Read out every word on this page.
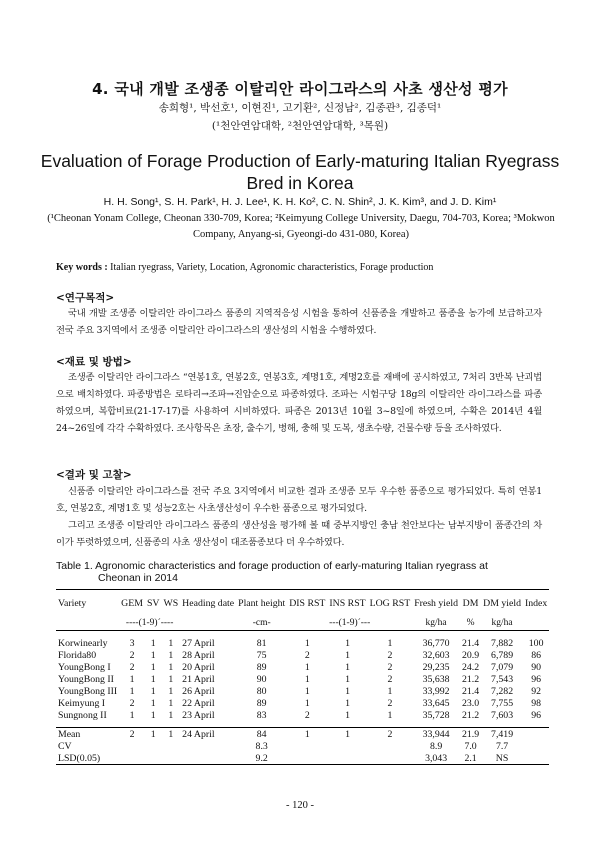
4. 국내 개발 조생종 이탈리안 라이그라스의 사초 생산성 평가
송희형¹, 박선호¹, 이현진¹, 고기환², 신정남², 김종관³, 김종덕¹
(¹천안연암대학, ²천안연암대학, ³목원)
Evaluation of Forage Production of Early-maturing Italian Ryegrass Bred in Korea
H. H. Song¹, S. H. Park¹, H. J. Lee¹, K. H. Ko², C. N. Shin², J. K. Kim³, and J. D. Kim¹
(¹Cheonan Yonam College, Cheonan 330-709, Korea; ²Keimyung College University, Daegu, 704-703, Korea; ³Mokwon Company, Anyang-si, Gyeongi-do 431-080, Korea)
Key words : Italian ryegrass, Variety, Location, Agronomic characteristics, Forage production
<연구목적>
국내 개발 조생종 이탈리안 라이그라스 품종의 지역적응성 시험을 통하여 신품종을 개발하고 품종을 농가에 보급하고자 전국 주요 3지역에서 조생종 이탈리안 라이그라스의 생산성의 시험을 수행하였다.
<재료 및 방법>
조생종 이탈리안 라이그라스 “연봉1호, 연봉2호, 연봉3호, 계명1호, 계명2호를 재배에 공시하였고, 7처리 3반복 난괴법으로 배치하였다. 파종방법은 로타리→조파→진압순으로 파종하였다. 조파는 시험구당 18g의 이탈리안 라이그라스를 파종하였으며, 복합비료(21-17-17)를 사용하여 시비하였다. 파종은 2013년 10월 3~8일에 하였으며, 수확은 2014년 4월 24~26일에 각각 수확하였다. 조사항목은 초장, 출수기, 병해, 충해 및 도복, 생초수량, 건물수량 등을 조사하였다.
<결과 및 고찰>
신품종 이탈리안 라이그라스를 전국 주요 3지역에서 비교한 결과 조생종 모두 우수한 품종으로 평가되었다. 특히 연봉1호, 연봉2호, 계명1호 및 성능2호는 사초생산성이 우수한 품종으로 평가되었다.
그리고 조생종 이탈리안 라이그라스 품종의 생산성을 평가해 볼 때 중부지방인 충남 천안보다는 남부지방이 품종간의 차이가 뚜렷하였으며, 신품종의 사초 생산성이 대조품종보다 더 우수하였다.
Table 1. Agronomic characteristics and forage production of early-maturing Italian ryegrass at
Cheonan in 2014
Variety	GEM	SV	WS	Heading date	Plant height	DIS RST	INS RST	LOG RST	Fresh yield	DM	DM yield	Index
	----(1-9)´----				-cm-	---(1-9)´---			kg/ha	%	kg/ha	

Korwinearly	3	1	1	27 April	81	1	1	1	36,770	21.4	7,882	100
Florida80	2	1	1	28 April	75	2	1	2	32,603	20.9	6,789	86
YoungBong I	2	1	1	20 April	89	1	1	2	29,235	24.2	7,079	90
YoungBong II	1	1	1	21 April	90	1	1	2	35,638	21.2	7,543	96
YoungBong III	1	1	1	26 April	80	1	1	1	33,992	21.4	7,282	92
Keimyung I	2	1	1	22 April	89	1	1	2	33,645	23.0	7,755	98
Sungnong II	1	1	1	23 April	83	2	1	1	35,728	21.2	7,603	96

Mean	2	1	1	24 April	84	1	1	2	33,944	21.9	7,419	
CV					8.3				8.9	7.0	7.7	
LSD(0.05)					9.2				3,043	2.1	NS	
- 120 -
